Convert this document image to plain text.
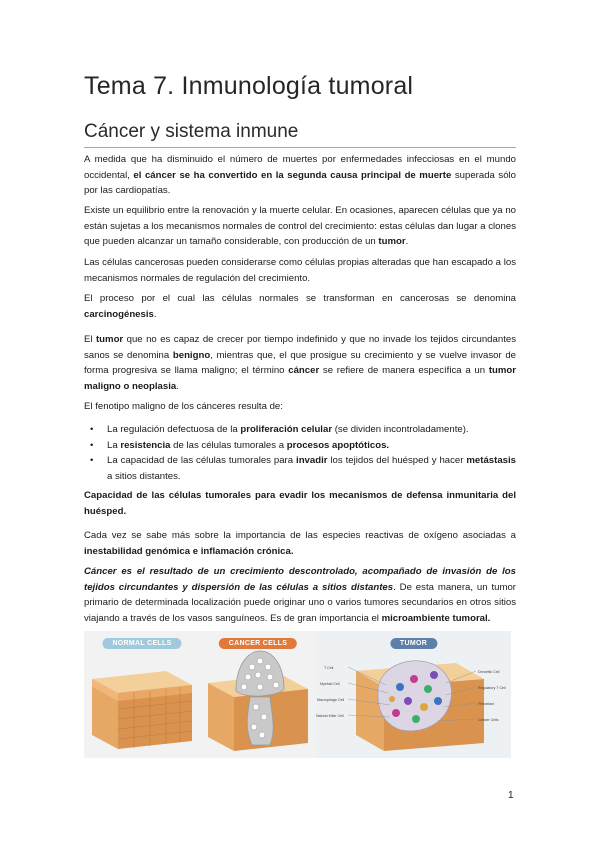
Tema 7. Inmunología tumoral
Cáncer y sistema inmune
A medida que ha disminuido el número de muertes por enfermedades infecciosas en el mundo occidental, el cáncer se ha convertido en la segunda causa principal de muerte superada sólo por las cardiopatías.
Existe un equilibrio entre la renovación y la muerte celular. En ocasiones, aparecen células que ya no están sujetas a los mecanismos normales de control del crecimiento: estas células dan lugar a clones que pueden alcanzar un tamaño considerable, con producción de un tumor.
Las células cancerosas pueden considerarse como células propias alteradas que han escapado a los mecanismos normales de regulación del crecimiento.
El proceso por el cual las células normales se transforman en cancerosas se denomina carcinogénesis.
El tumor que no es capaz de crecer por tiempo indefinido y que no invade los tejidos circundantes sanos se denomina benigno, mientras que, el que prosigue su crecimiento y se vuelve invasor de forma progresiva se llama maligno; el término cáncer se refiere de manera específica a un tumor maligno o neoplasia.
El fenotipo maligno de los cánceres resulta de:
• La regulación defectuosa de la proliferación celular (se dividen incontroladamente).
• La resistencia de las células tumorales a procesos apoptóticos.
• La capacidad de las células tumorales para invadir los tejidos del huésped y hacer metástasis a sitios distantes.
Capacidad de las células tumorales para evadir los mecanismos de defensa inmunitaria del huésped.
Cada vez se sabe más sobre la importancia de las especies reactivas de oxígeno asociadas a inestabilidad genómica e inflamación crónica.
Cáncer es el resultado de un crecimiento descontrolado, acompañado de invasión de los tejidos circundantes y dispersión de las células a sitios distantes. De esta manera, un tumor primario de determinada localización puede originar uno o varios tumores secundarios en otros sitios viajando a través de los vasos sanguíneos. Es de gran importancia el microambiente tumoral.
NORMAL CELLS	CANCER CELLS
T Cell
Myeloid Cell
Macrophage Cell
Natural Killer Cell
Dendritic Cell
Regulatory T Cell
Fibroblast
Cancer Cells
TUMOR
1
